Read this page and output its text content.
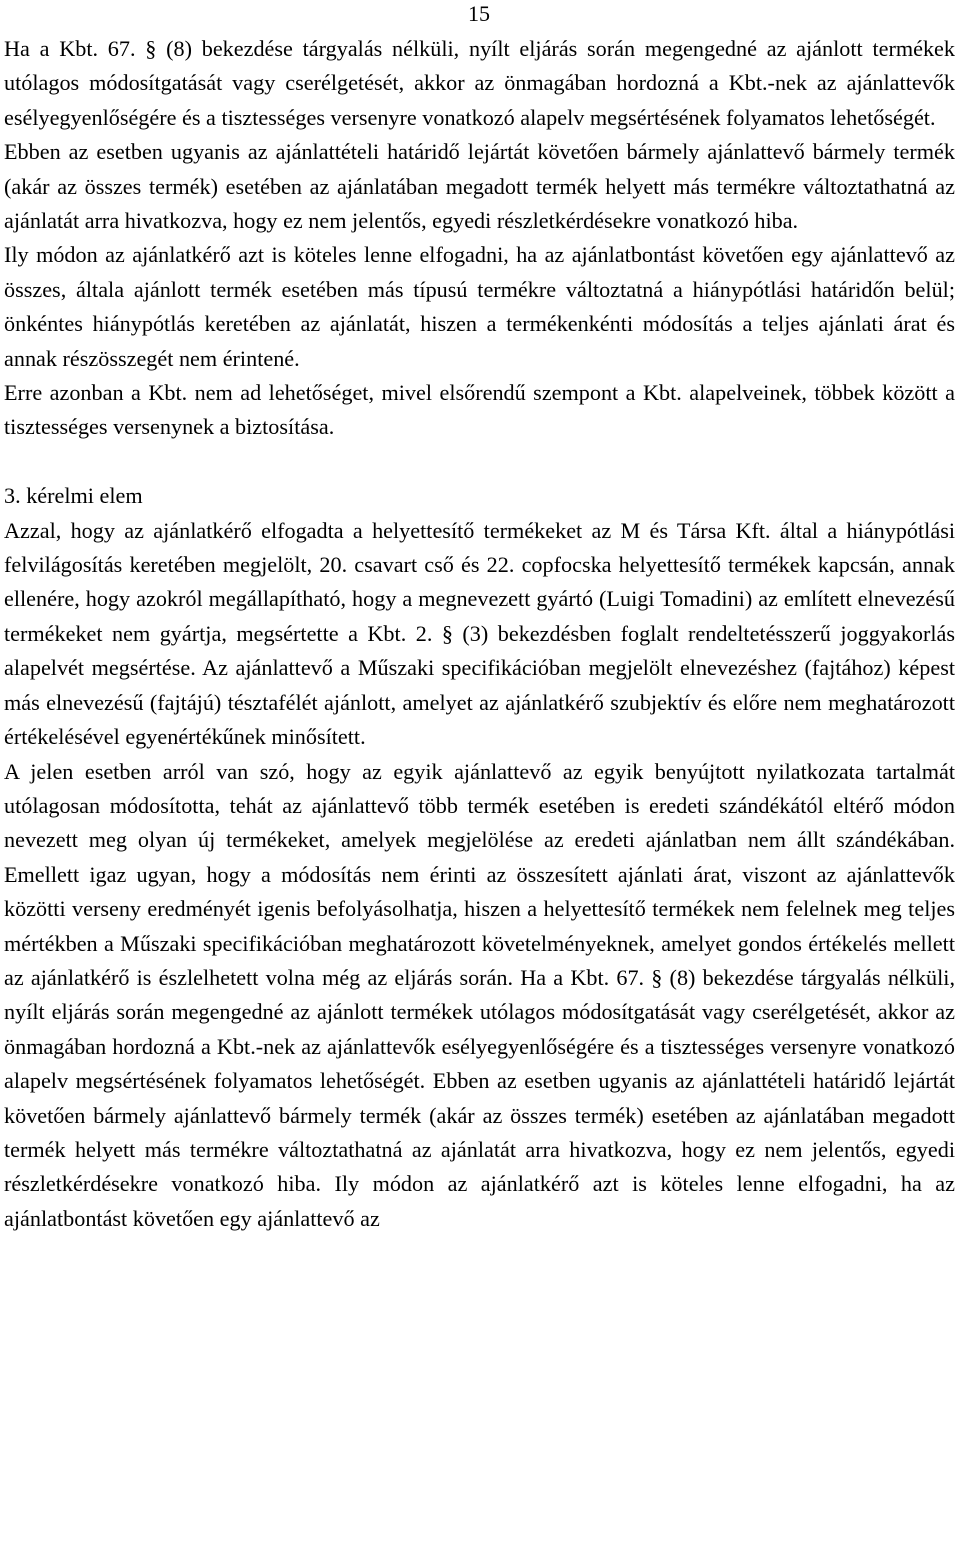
15

Ha a Kbt. 67. § (8) bekezdése tárgyalás nélküli, nyílt eljárás során megengedné az ajánlott termékek utólagos módosítgatását vagy cserélgetését, akkor az önmagában hordozná a Kbt.-nek az ajánlattevők esélyegyenlőségére és a tisztességes versenyre vonatkozó alapelv megsértésének folyamatos lehetőségét.

Ebben az esetben ugyanis az ajánlattételi határidő lejártát követően bármely ajánlattevő bármely termék (akár az összes termék) esetében az ajánlatában megadott termék helyett más termékre változtathatná az ajánlatát arra hivatkozva, hogy ez nem jelentős, egyedi részletkérdésekre vonatkozó hiba.

Ily módon az ajánlatkérő azt is köteles lenne elfogadni, ha az ajánlatbontást követően egy ajánlattevő az összes, általa ajánlott termék esetében más típusú termékre változtatná a hiánypótlási határidőn belül; önkéntes hiánypótlás keretében az ajánlatát, hiszen a termékenkénti módosítás a teljes ajánlati árat és annak részösszegét nem érintené.

Erre azonban a Kbt. nem ad lehetőséget, mivel elsőrendű szempont a Kbt. alapelveinek, többek között a tisztességes versenynek a biztosítása.

3. kérelmi elem

Azzal, hogy az ajánlatkérő elfogadta a helyettesítő termékeket az M és Társa Kft. által a hiánypótlási felvilágosítás keretében megjelölt, 20. csavart cső és 22. copfocska helyettesítő termékek kapcsán, annak ellenére, hogy azokról megállapítható, hogy a megnevezett gyártó (Luigi Tomadini) az említett elnevezésű termékeket nem gyártja, megsértette a Kbt. 2. § (3) bekezdésben foglalt rendeltetésszerű joggyakorlás alapelvét megsértése. Az ajánlattevő a Műszaki specifikációban megjelölt elnevezéshez (fajtához) képest más elnevezésű (fajtájú) tésztafélét ajánlott, amelyet az ajánlatkérő szubjektív és előre nem meghatározott értékelésével egyenértékűnek minősített.

A jelen esetben arról van szó, hogy az egyik ajánlattevő az egyik benyújtott nyilatkozata tartalmát utólagosan módosította, tehát az ajánlattevő több termék esetében is eredeti szándékától eltérő módon nevezett meg olyan új termékeket, amelyek megjelölése az eredeti ajánlatban nem állt szándékában. Emellett igaz ugyan, hogy a módosítás nem érinti az összesített ajánlati árat, viszont az ajánlattevők közötti verseny eredményét igenis befolyásolhatja, hiszen a helyettesítő termékek nem felelnek meg teljes mértékben a Műszaki specifikációban meghatározott követelményeknek, amelyet gondos értékelés mellett az ajánlatkérő is észlelhetett volna még az eljárás során. Ha a Kbt. 67. § (8) bekezdése tárgyalás nélküli, nyílt eljárás során megengedné az ajánlott termékek utólagos módosítgatását vagy cserélgetését, akkor az önmagában hordozná a Kbt.-nek az ajánlattevők esélyegyenlőségére és a tisztességes versenyre vonatkozó alapelv megsértésének folyamatos lehetőségét. Ebben az esetben ugyanis az ajánlattételi határidő lejártát követően bármely ajánlattevő bármely termék (akár az összes termék) esetében az ajánlatában megadott termék helyett más termékre változtathatná az ajánlatát arra hivatkozva, hogy ez nem jelentős, egyedi részletkérdésekre vonatkozó hiba. Ily módon az ajánlatkérő azt is köteles lenne elfogadni, ha az ajánlatbontást követően egy ajánlattevő az
